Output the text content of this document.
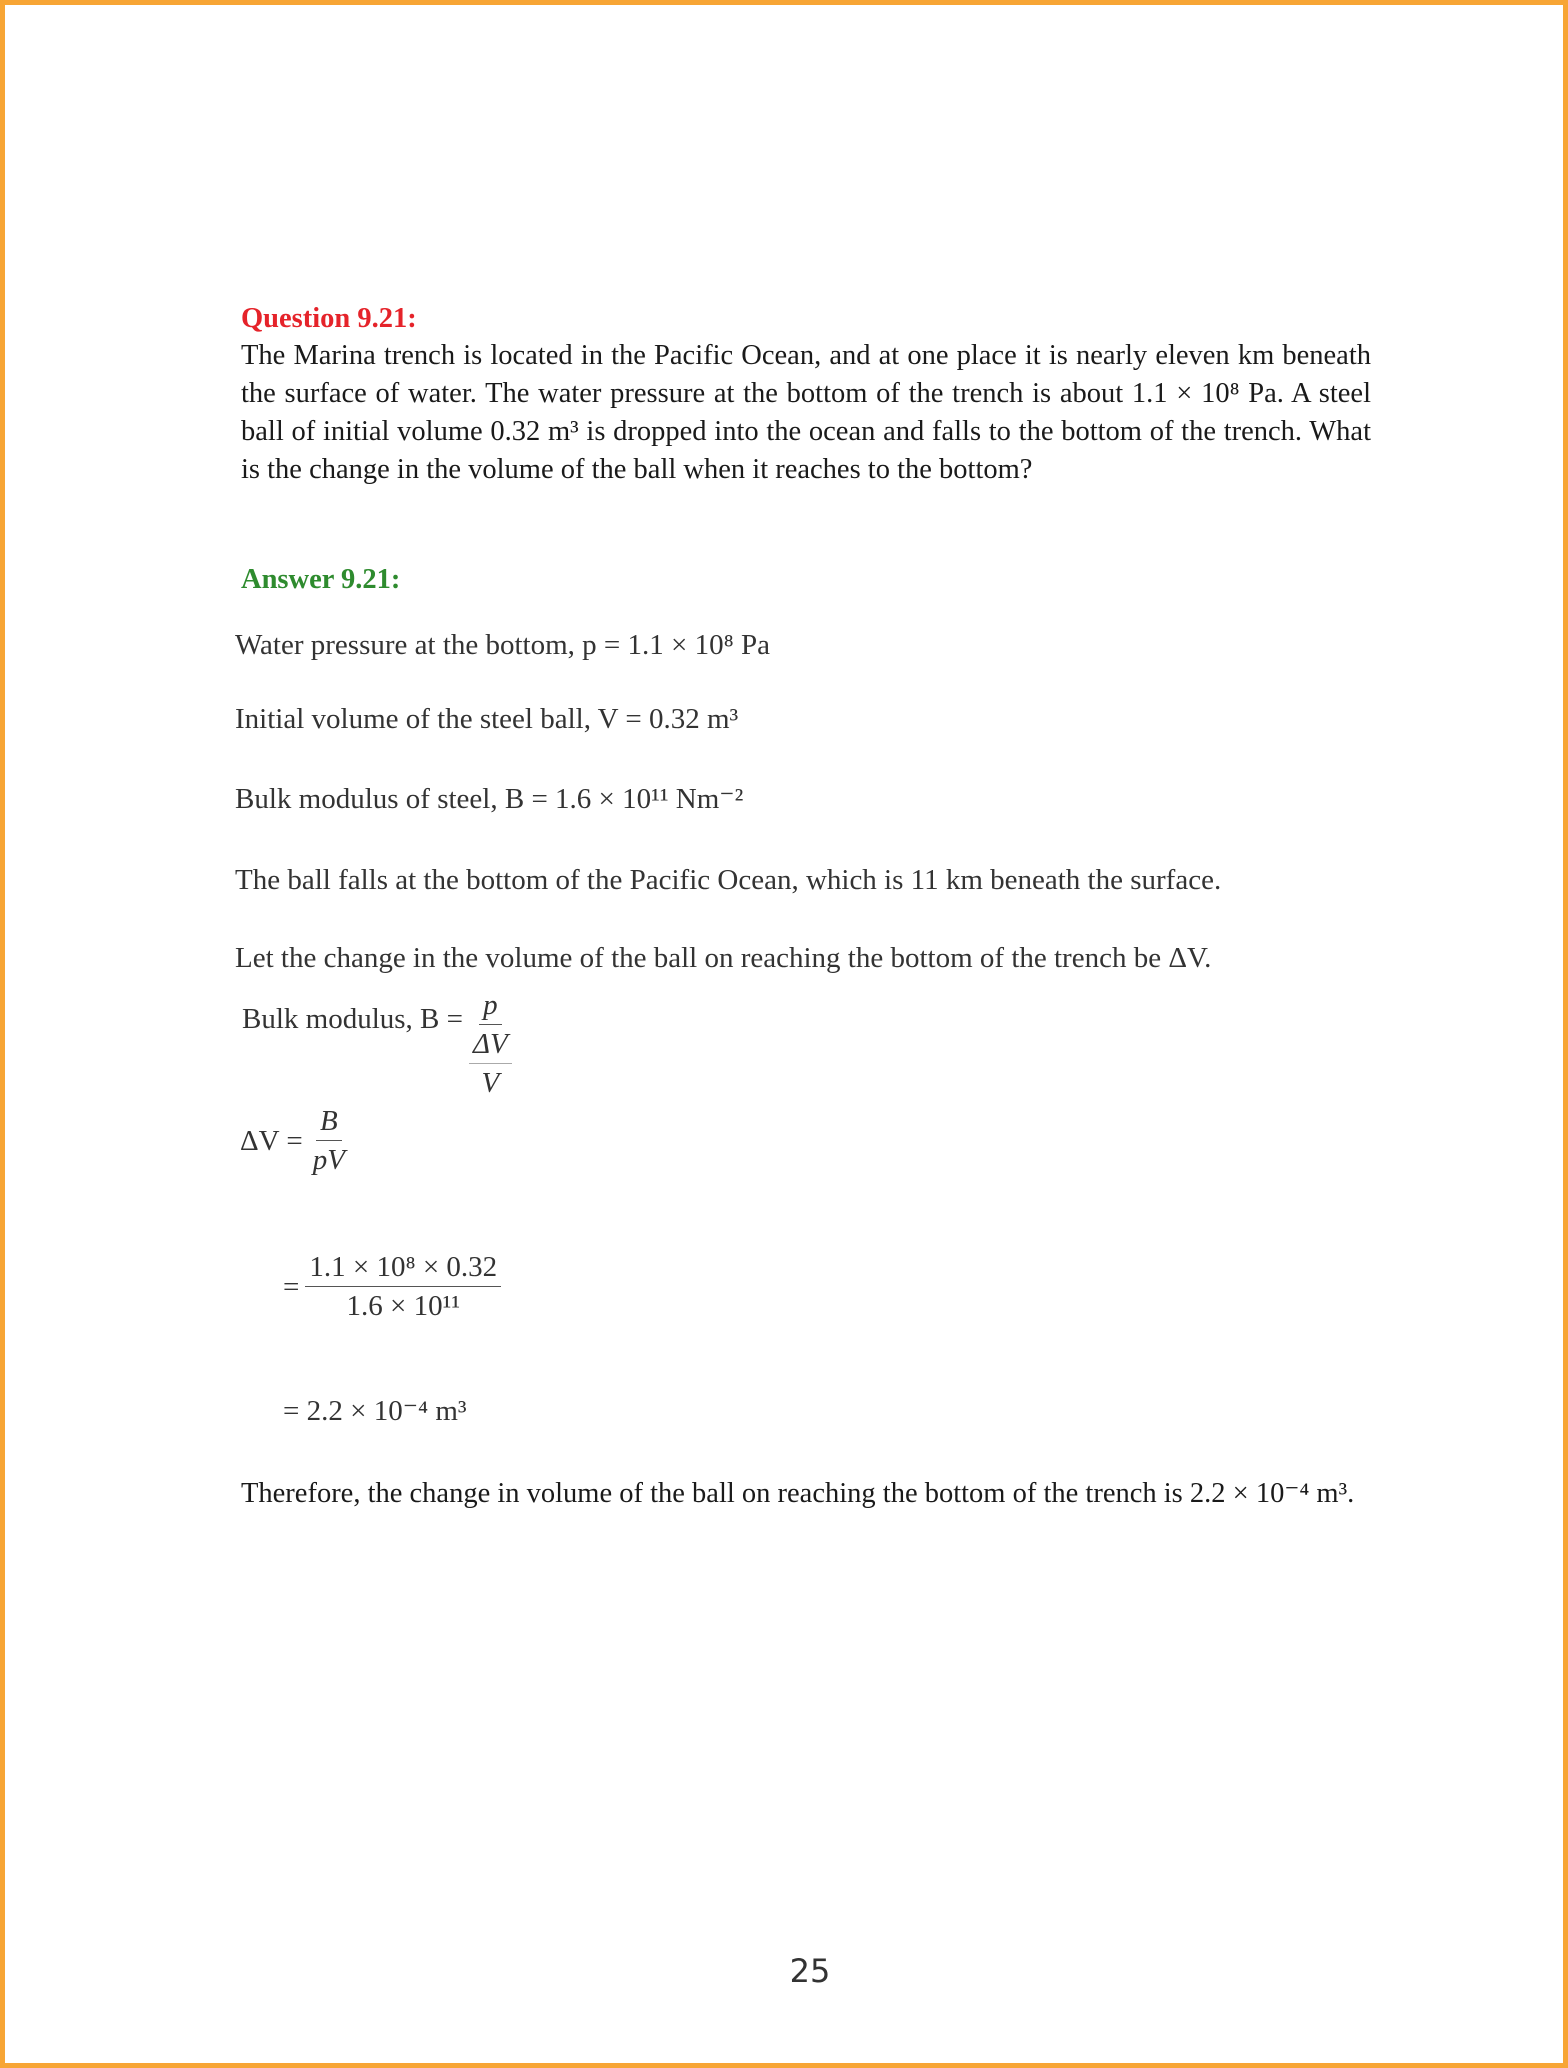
Question 9.21:
The Marina trench is located in the Pacific Ocean, and at one place it is nearly eleven km beneath the surface of water. The water pressure at the bottom of the trench is about 1.1 × 10⁸ Pa. A steel ball of initial volume 0.32 m³ is dropped into the ocean and falls to the bottom of the trench. What is the change in the volume of the ball when it reaches to the bottom?
Answer 9.21:
Water pressure at the bottom, p = 1.1 × 10⁸ Pa
Initial volume of the steel ball, V = 0.32 m³
Bulk modulus of steel, B = 1.6 × 10¹¹ Nm⁻²
The ball falls at the bottom of the Pacific Ocean, which is 11 km beneath the surface.
Let the change in the volume of the ball on reaching the bottom of the trench be ΔV.
Bulk modulus, B = p
ΔV
V
$\Delta V = \frac{B}{pV}$
= $\frac{\text{1.1 × 10⁸ × 0.32}}{\text{1.6 × 10¹¹}}$
= 2.2 × 10⁻⁴ m³
Therefore, the change in volume of the ball on reaching the bottom of the trench is 2.2 × 10⁻⁴ m³.
25
